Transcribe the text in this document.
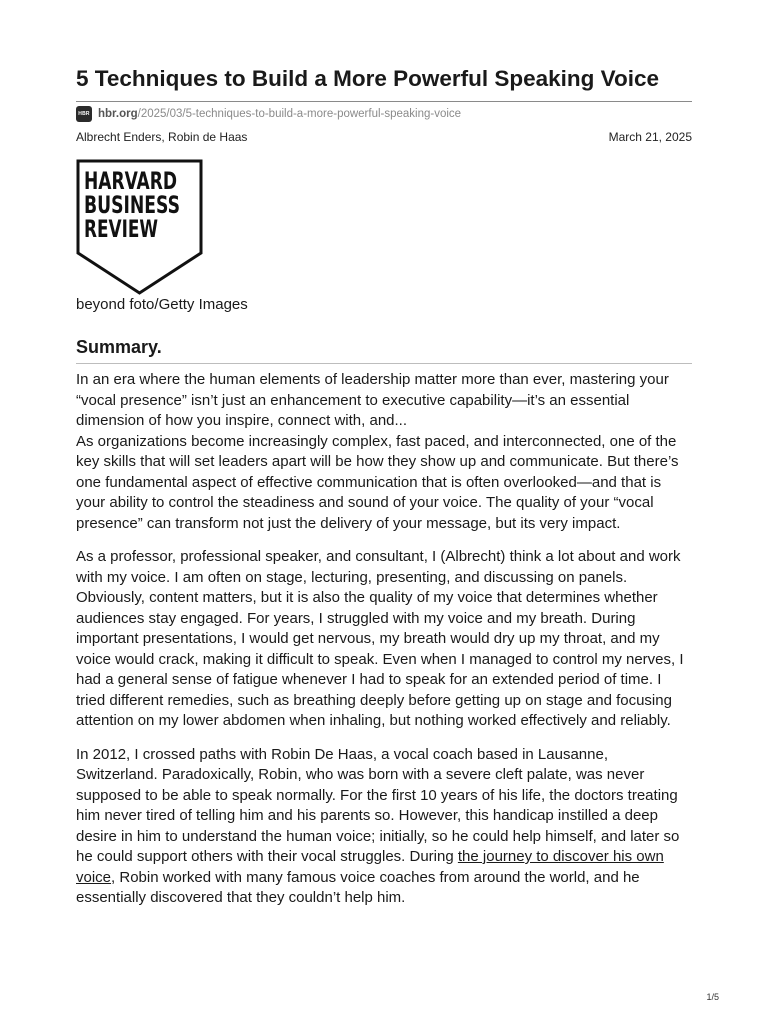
5 Techniques to Build a More Powerful Speaking Voice
HBR hbr.org /2025/03/5-techniques-to-build-a-more-powerful-speaking-voice
Albrecht Enders, Robin de Haas	March 21, 2025
HARVARD
BUSINESS
REVIEW
beyond foto/Getty Images
Summary.

In an era where the human elements of leadership matter more than ever, mastering your “vocal presence” isn’t just an enhancement to executive capability—it’s an essential dimension of how you inspire, connect with, and...

As organizations become increasingly complex, fast paced, and interconnected, one of the key skills that will set leaders apart will be how they show up and communicate. But there’s one fundamental aspect of effective communication that is often overlooked—and that is your ability to control the steadiness and sound of your voice. The quality of your “vocal presence” can transform not just the delivery of your message, but its very impact.

As a professor, professional speaker, and consultant, I (Albrecht) think a lot about and work with my voice. I am often on stage, lecturing, presenting, and discussing on panels. Obviously, content matters, but it is also the quality of my voice that determines whether audiences stay engaged. For years, I struggled with my voice and my breath. During important presentations, I would get nervous, my breath would dry up my throat, and my voice would crack, making it difficult to speak. Even when I managed to control my nerves, I had a general sense of fatigue whenever I had to speak for an extended period of time. I tried different remedies, such as breathing deeply before getting up on stage and focusing attention on my lower abdomen when inhaling, but nothing worked effectively and reliably.

In 2012, I crossed paths with Robin De Haas, a vocal coach based in Lausanne, Switzerland. Paradoxically, Robin, who was born with a severe cleft palate, was never supposed to be able to speak normally. For the first 10 years of his life, the doctors treating him never tired of telling him and his parents so. However, this handicap instilled a deep desire in him to understand the human voice; initially, so he could help himself, and later so he could support others with their vocal struggles. During the journey to discover his own voice, Robin worked with many famous voice coaches from around the world, and he essentially discovered that they couldn’t help him.

1/5
